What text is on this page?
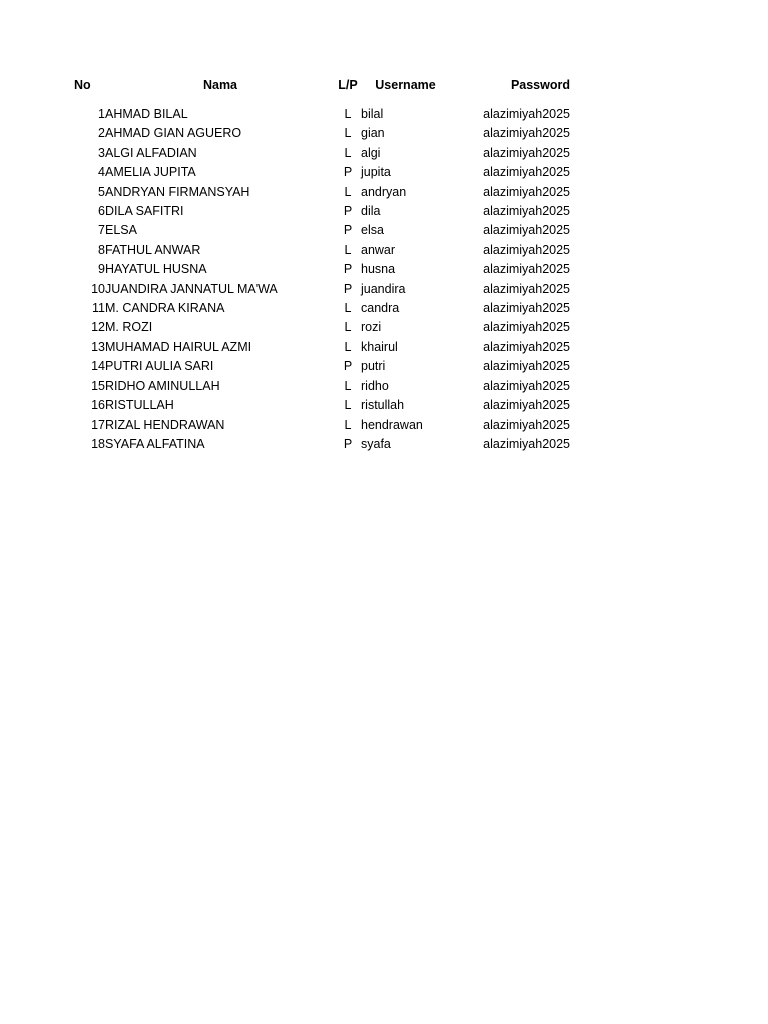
No	Nama	L/P	Username	Password

1	AHMAD BILAL	L	bilal	alazimiyah2025
2	AHMAD GIAN AGUERO	L	gian	alazimiyah2025
3	ALGI ALFADIAN	L	algi	alazimiyah2025
4	AMELIA JUPITA	P	jupita	alazimiyah2025
5	ANDRYAN FIRMANSYAH	L	andryan	alazimiyah2025
6	DILA SAFITRI	P	dila	alazimiyah2025
7	ELSA	P	elsa	alazimiyah2025
8	FATHUL ANWAR	L	anwar	alazimiyah2025
9	HAYATUL HUSNA	P	husna	alazimiyah2025
10	JUANDIRA JANNATUL MA'WA	P	juandira	alazimiyah2025
11	M. CANDRA KIRANA	L	candra	alazimiyah2025
12	M. ROZI	L	rozi	alazimiyah2025
13	MUHAMAD HAIRUL AZMI	L	khairul	alazimiyah2025
14	PUTRI AULIA SARI	P	putri	alazimiyah2025
15	RIDHO AMINULLAH	L	ridho	alazimiyah2025
16	RISTULLAH	L	ristullah	alazimiyah2025
17	RIZAL HENDRAWAN	L	hendrawan	alazimiyah2025
18	SYAFA ALFATINA	P	syafa	alazimiyah2025
